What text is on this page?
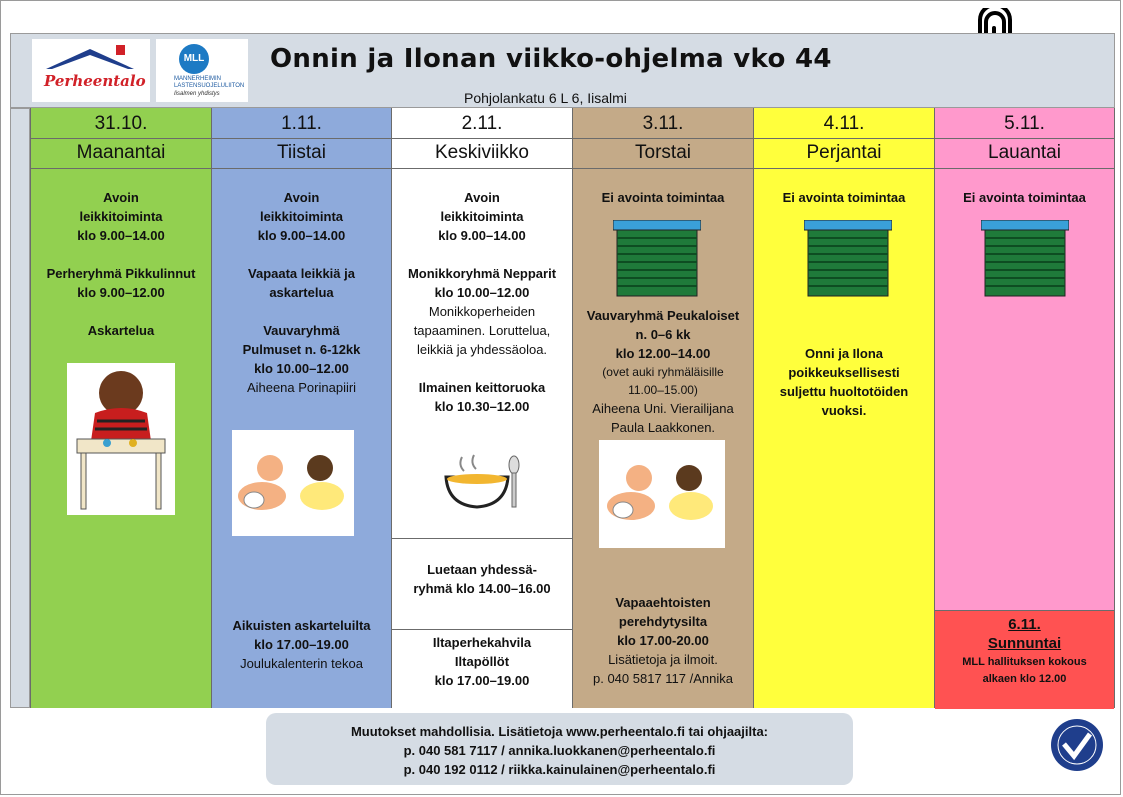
Perheentalo
MLL
MANNERHEIMIN
LASTENSUOJELULIITON
Iisalmen yhdistys
Onnin ja Ilonan viikko-ohjelma vko 44
Pohjolankatu 6 L 6, Iisalmi
31.10.
Maanantai
Avoin
leikkitoiminta
klo 9.00–14.00
Perheryhmä Pikkulinnut
klo 9.00–12.00
Askartelua
1.11.
Tiistai
Avoin
leikkitoiminta
klo 9.00–14.00
Vapaata leikkiä ja
askartelua
Vauvaryhmä
Pulmuset n. 6-12kk
klo 10.00–12.00
Aiheena Porinapiiri
Aikuisten askarteluilta
klo 17.00–19.00
Joulukalenterin tekoa
2.11.
Keskiviikko
Avoin
leikkitoiminta
klo 9.00–14.00
Monikkoryhmä Nepparit
klo 10.00–12.00
Monikkoperheiden
tapaaminen. Loruttelua,
leikkiä ja yhdessäoloa.
Ilmainen keittoruoka
klo 10.30–12.00
Luetaan yhdessä-
ryhmä klo 14.00–16.00
Iltaperhekahvila
Iltapöllöt
klo 17.00–19.00
3.11.
Torstai
Ei avointa toimintaa
Vauvaryhmä Peukaloiset
n. 0–6 kk
klo 12.00–14.00
(ovet auki ryhmäläisille
11.00–15.00)
Aiheena Uni. Vierailijana
Paula Laakkonen.
Vapaaehtoisten
perehdytysilta
klo 17.00-20.00
Lisätietoja ja ilmoit.
p. 040 5817 117 /Annika
4.11.
Perjantai
Ei avointa toimintaa
Onni ja Ilona
poikkeuksellisesti
suljettu huoltotöiden
vuoksi.
5.11.
Lauantai
Ei avointa toimintaa
6.11.
Sunnuntai
MLL hallituksen kokous
alkaen klo 12.00
Muutokset mahdollisia. Lisätietoja www.perheentalo.fi tai ohjaajilta:
p. 040 581 7117 / annika.luokkanen@perheentalo.fi
p. 040 192 0112 / riikka.kainulainen@perheentalo.fi
